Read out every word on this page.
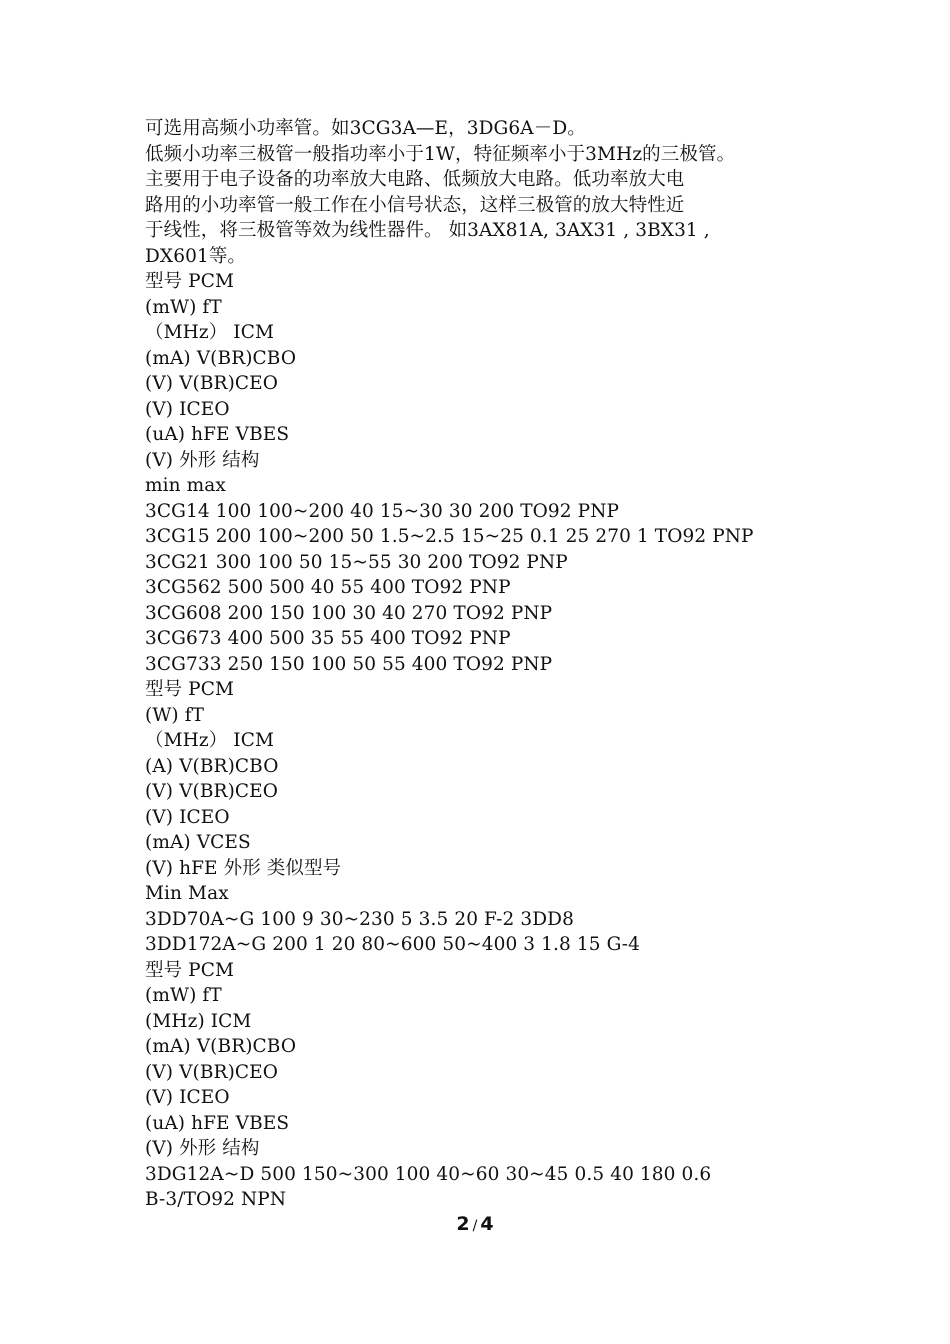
可选用高频小功率管。如3CG3A—E，3DG6A－D。
低频小功率三极管一般指功率小于1W，特征频率小于3MHz的三极管。
主要用于电子设备的功率放大电路、低频放大电路。低功率放大电
路用的小功率管一般工作在小信号状态，这样三极管的放大特性近
于线性，将三极管等效为线性器件。 如3AX81A, 3AX31 , 3BX31 ,
DX601等。
型号 PCM
(mW) fT
（MHz） ICM
(mA) V(BR)CBO
(V) V(BR)CEO
(V) ICEO
(uA) hFE VBES
(V) 外形 结构
min max
3CG14 100 100~200 40 15~30 30 200 TO92 PNP
3CG15 200 100~200 50 1.5~2.5 15~25 0.1 25 270 1 TO92 PNP
3CG21 300 100 50 15~55 30 200 TO92 PNP
3CG562 500 500 40 55 400 TO92 PNP
3CG608 200 150 100 30 40 270 TO92 PNP
3CG673 400 500 35 55 400 TO92 PNP
3CG733 250 150 100 50 55 400 TO92 PNP
型号 PCM
(W) fT
（MHz） ICM
(A) V(BR)CBO
(V) V(BR)CEO
(V) ICEO
(mA) VCES
(V) hFE 外形 类似型号
Min Max
3DD70A~G 100 9 30~230 5 3.5 20 F-2 3DD8
3DD172A~G 200 1 20 80~600 50~400 3 1.8 15 G-4
型号 PCM
(mW) fT
(MHz) ICM
(mA) V(BR)CBO
(V) V(BR)CEO
(V) ICEO
(uA) hFE VBES
(V) 外形 结构
3DG12A~D 500 150~300 100 40~60 30~45 0.5 40 180 0.6
B-3/TO92 NPN
2 / 4
